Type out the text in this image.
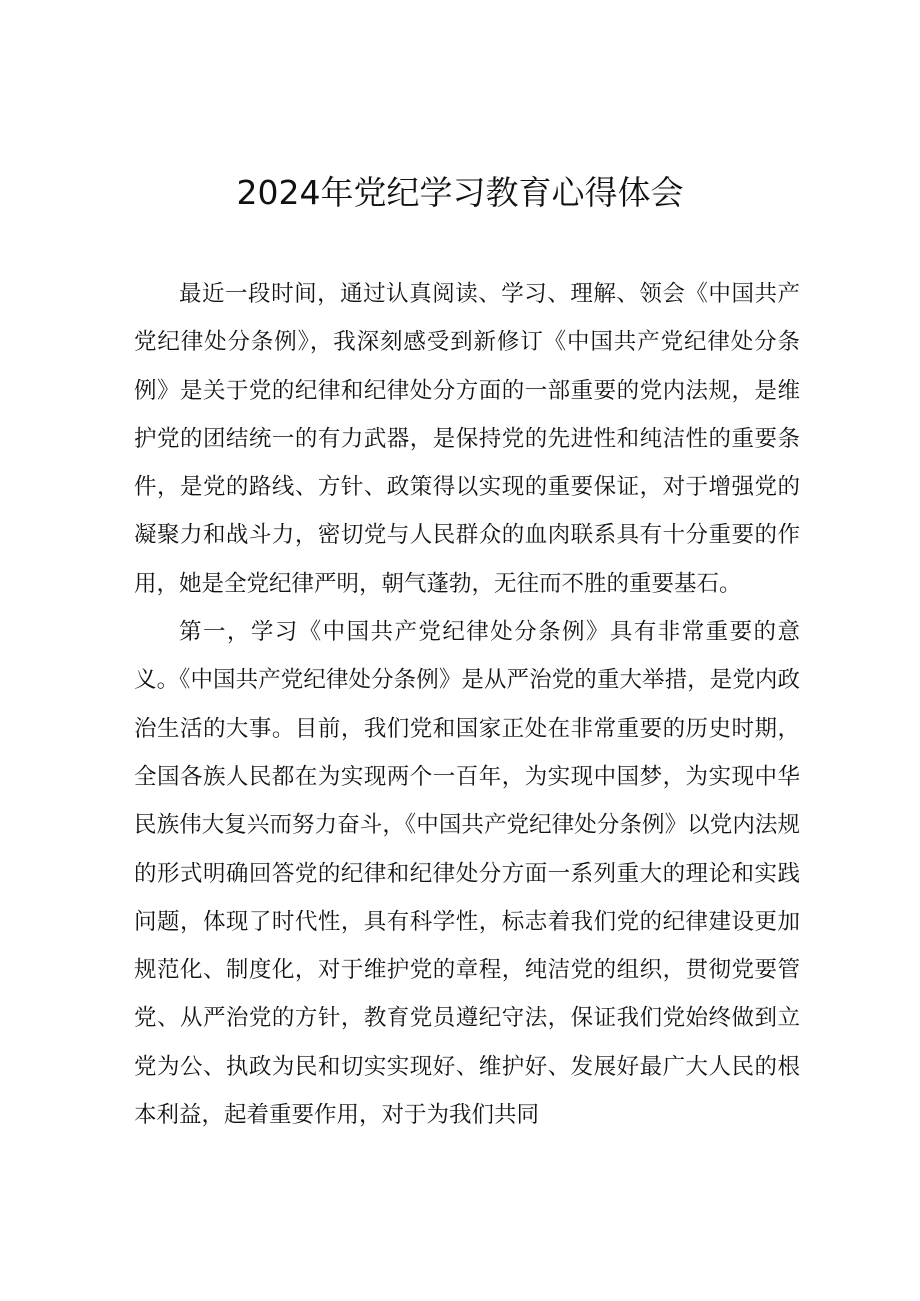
2024年党纪学习教育心得体会

最近一段时间，通过认真阅读、学习、理解、领会《中国共产党纪律处分条例》，我深刻感受到新修订《中国共产党纪律处分条例》是关于党的纪律和纪律处分方面的一部重要的党内法规，是维护党的团结统一的有力武器，是保持党的先进性和纯洁性的重要条件，是党的路线、方针、政策得以实现的重要保证，对于增强党的凝聚力和战斗力，密切党与人民群众的血肉联系具有十分重要的作用，她是全党纪律严明，朝气蓬勃，无往而不胜的重要基石。

第一，学习《中国共产党纪律处分条例》具有非常重要的意义。《中国共产党纪律处分条例》是从严治党的重大举措，是党内政治生活的大事。目前，我们党和国家正处在非常重要的历史时期，全国各族人民都在为实现两个一百年，为实现中国梦，为实现中华民族伟大复兴而努力奋斗，《中国共产党纪律处分条例》以党内法规的形式明确回答党的纪律和纪律处分方面一系列重大的理论和实践问题，体现了时代性，具有科学性，标志着我们党的纪律建设更加规范化、制度化，对于维护党的章程，纯洁党的组织，贯彻党要管党、从严治党的方针，教育党员遵纪守法，保证我们党始终做到立党为公、执政为民和切实实现好、维护好、发展好最广大人民的根本利益，起着重要作用，对于为我们共同
